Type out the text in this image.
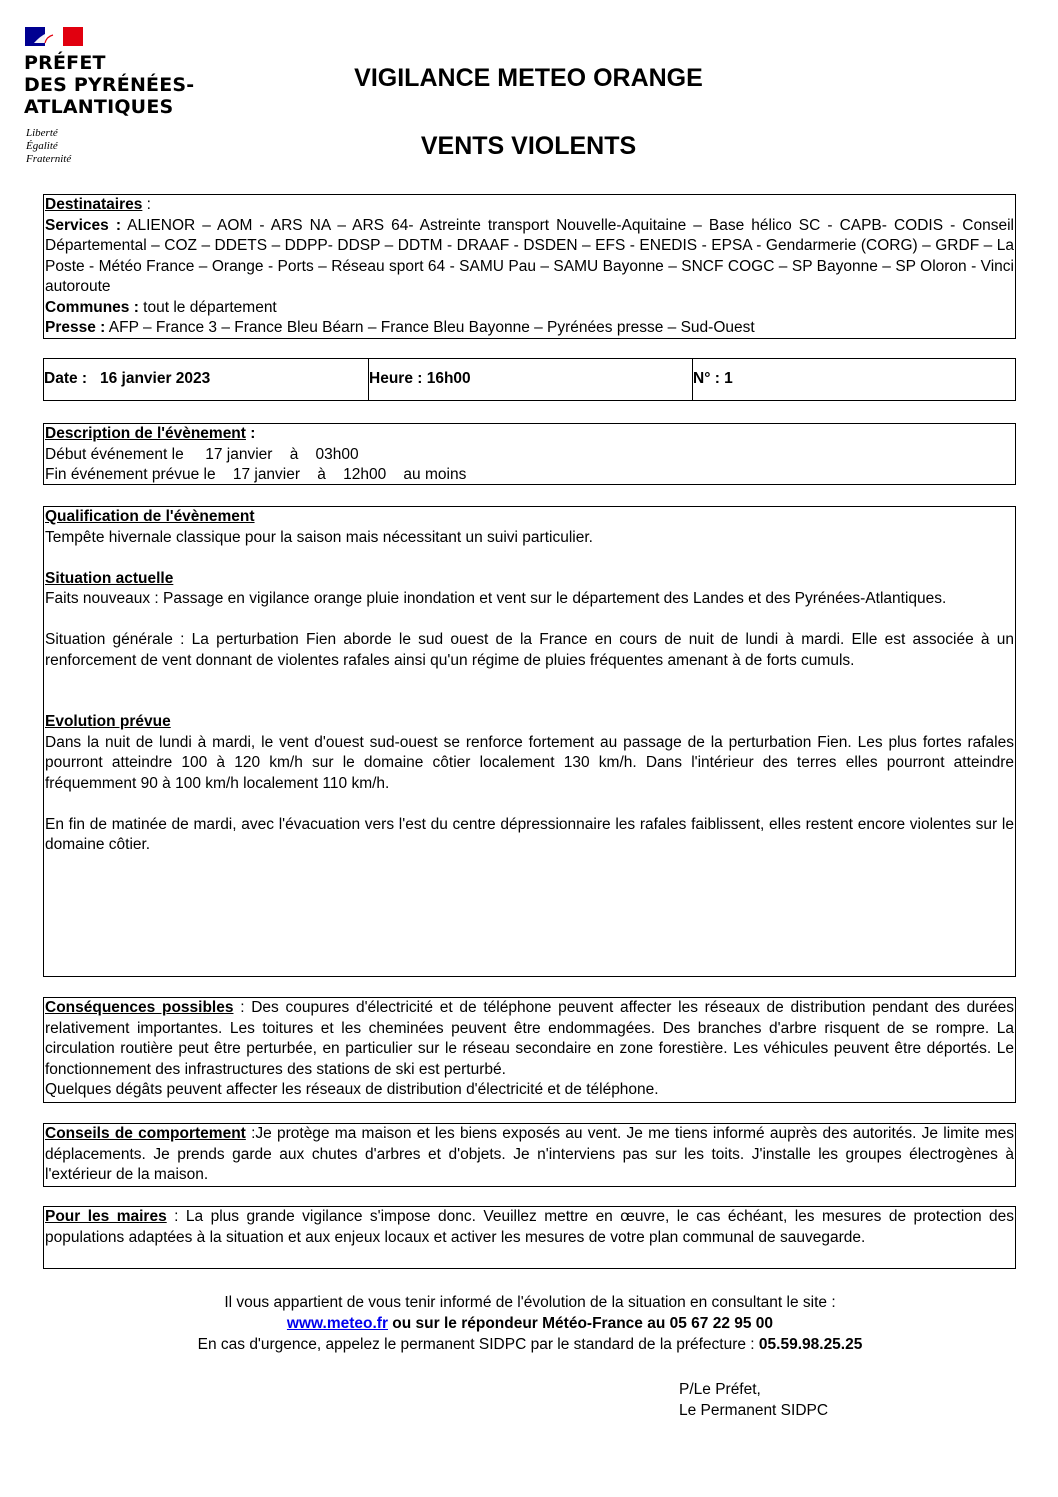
PRÉFET
DES PYRÉNÉES-
ATLANTIQUES
Liberté
Égalité
Fraternité
VIGILANCE METEO ORANGE
VENTS VIOLENTS
Destinataires :
Services : ALIENOR – AOM - ARS NA – ARS 64- Astreinte transport Nouvelle-Aquitaine – Base hélico SC - CAPB- CODIS - Conseil Départemental – COZ – DDETS – DDPP- DDSP – DDTM - DRAAF - DSDEN – EFS - ENEDIS - EPSA - Gendarmerie (CORG) – GRDF – La Poste - Météo France – Orange - Ports – Réseau sport 64 - SAMU Pau – SAMU Bayonne – SNCF COGC – SP Bayonne – SP Oloron - Vinci autoroute
Communes : tout le département
Presse : AFP – France 3 – France Bleu Béarn – France Bleu Bayonne – Pyrénées presse – Sud-Ouest
Date :   16 janvier 2023	Heure : 16h00	N° : 1
Description de l'évènement :
Début événement le     17 janvier    à    03h00
Fin événement prévue le    17 janvier    à    12h00    au moins
Qualification de l'évènement
Tempête hivernale classique pour la saison mais nécessitant un suivi particulier.
Situation actuelle
Faits nouveaux : Passage en vigilance orange pluie inondation et vent sur le département des Landes et des Pyrénées-Atlantiques.
Situation générale : La perturbation Fien aborde le sud ouest de la France en cours de nuit de lundi à mardi. Elle est associée à un renforcement de vent donnant de violentes rafales ainsi qu'un régime de pluies fréquentes amenant à de forts cumuls.
Evolution prévue
Dans la nuit de lundi à mardi, le vent d'ouest sud-ouest se renforce fortement au passage de la perturbation Fien. Les plus fortes rafales pourront atteindre 100 à 120 km/h sur le domaine côtier localement 130 km/h. Dans l'intérieur des terres elles pourront atteindre fréquemment 90 à 100 km/h localement 110 km/h.
En fin de matinée de mardi, avec l'évacuation vers l'est du centre dépressionnaire les rafales faiblissent, elles restent encore violentes sur le domaine côtier.
Conséquences possibles : Des coupures d'électricité et de téléphone peuvent affecter les réseaux de distribution pendant des durées relativement importantes. Les toitures et les cheminées peuvent être endommagées. Des branches d'arbre risquent de se rompre. La circulation routière peut être perturbée, en particulier sur le réseau secondaire en zone forestière. Les véhicules peuvent être déportés. Le fonctionnement des infrastructures des stations de ski est perturbé.
Quelques dégâts peuvent affecter les réseaux de distribution d'électricité et de téléphone.
Conseils de comportement :Je protège ma maison et les biens exposés au vent. Je me tiens informé auprès des autorités. Je limite mes déplacements. Je prends garde aux chutes d'arbres et d'objets. Je n'interviens pas sur les toits. J'installe les groupes électrogènes à l'extérieur de la maison.
Pour les maires : La plus grande vigilance s'impose donc. Veuillez mettre en œuvre, le cas échéant, les mesures de protection des populations adaptées à la situation et aux enjeux locaux et activer les mesures de votre plan communal de sauvegarde.
Il vous appartient de vous tenir informé de l'évolution de la situation en consultant le site :
www.meteo.fr ou sur le répondeur Météo-France au 05 67 22 95 00
En cas d'urgence, appelez le permanent SIDPC par le standard de la préfecture : 05.59.98.25.25
P/Le Préfet,
Le Permanent SIDPC
